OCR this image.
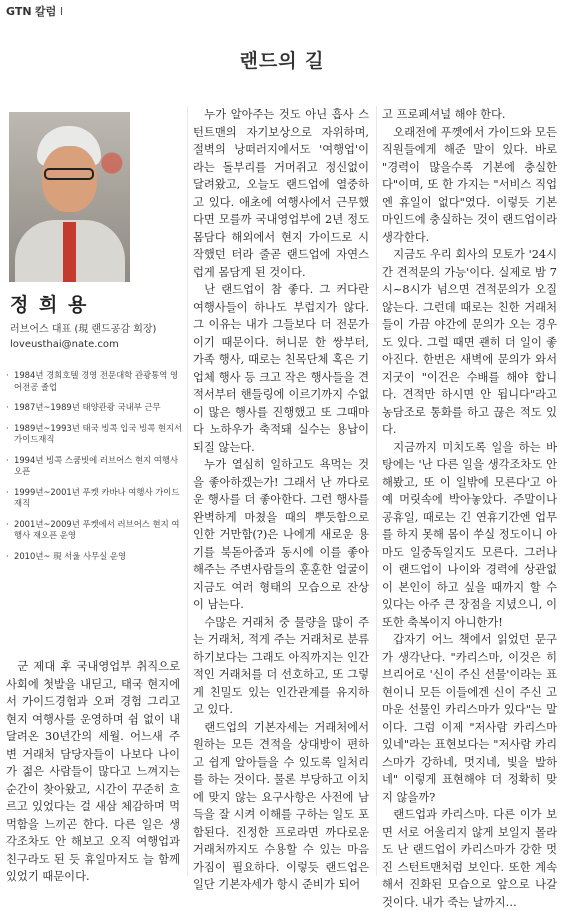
GTN 칼럼 I
랜드의 길
정 희 용
러브어스 대표 (現 랜드공감 회장)
loveusthai@nate.com
· 1984년 경희호텔 경영 전문대학 관광통역 영어전공 졸업
· 1987년~1989년 태양관광 국내부 근무
· 1989년~1993년 태국 빙콕 입국 빙콕 현지서 가이드재직
· 1994년 빙콕 스쿰빗에 러브어스 현지 여행사 오픈
· 1999년~2001년 푸켓 카바나 여행사 가이드 재직
· 2001년~2009년 푸켓에서 러브어스 현지 여행사 재오픈 운영
· 2010년~ 現 서울 사무실 운영

군 제대 후 국내영업부 취직으로 사회에 첫발을 내딛고, 태국 현지에서 가이드경험과 오퍼 경험 그리고 현지 여행사를 운영하며 쉼 없이 내달려온 30년간의 세월. 어느새 주변 거래처 담당자들이 나보다 나이가 젊은 사람들이 많다고 느껴지는 순간이 찾아왔고, 시간이 꾸준히 흐르고 있었다는 걸 새삼 체감하며 먹먹함을 느끼곤 한다. 다른 일은 생각조차도 안 해보고 오직 여행업과 친구라도 된 듯 휴일마저도 늘 함께 있었기 때문이다.

누가 알아주는 것도 아닌 흡사 스턴트맨의 자기보상으로 자위하며, 절벽의 낭떠러지에서도 '여행업'이라는 돌부리를 거머쥐고 정신없이 달려왔고, 오늘도 랜드업에 열중하고 있다. 애초에 여행사에서 근무했다면 모를까 국내영업부에 2년 정도 몸담다 해외에서 현지 가이드로 시작했던 터라 줄곧 랜드업에 자연스럽게 몸담게 된 것이다.

난 랜드업이 참 좋다. 그 커다란 여행사들이 하나도 부럽지가 않다. 그 이유는 내가 그들보다 더 전문가이기 때문이다. 허니문 한 쌍부터, 가족 행사, 때로는 친목단체 혹은 기업체 행사 등 크고 작은 행사들을 견적서부터 핸들링에 이르기까지 수없이 많은 행사를 진행했고 또 그때마다 노하우가 축적돼 실수는 용납이 되질 않는다.

누가 열심히 일하고도 욕먹는 것을 좋아하겠는가! 그래서 난 까다로운 행사를 더 좋아한다. 그런 행사를 완벽하게 마쳤을 때의 뿌듯함으로 인한 거만함(?)은 나에게 새로운 용기를 북돋아줌과 동시에 이를 좋아해주는 주변사람들의 훈훈한 얼굴이 지금도 여러 형태의 모습으로 잔상이 남는다.

수많은 거래처 중 물량을 많이 주는 거래처, 적게 주는 거래처로 분류하기보다는 그래도 아직까지는 인간적인 거래처를 더 선호하고, 또 그렇게 친밀도 있는 인간관계를 유지하고 있다.

랜드업의 기본자세는 거래처에서 원하는 모든 견적을 상대방이 편하고 쉽게 알아들을 수 있도록 일처리를 하는 것이다. 물론 부당하고 이치에 맞지 않는 요구사항은 사전에 남득을 잘 시켜 이해를 구하는 일도 포함된다. 진정한 프로라면 까다로운 거래처까지도 수용할 수 있는 마음가짐이 필요하다. 이렇듯 랜드업은 일단 기본자세가 항시 준비가 되어

고 프로페셔널 해야 한다.

오래전에 푸껫에서 가이드와 모든 직원들에게 해준 말이 있다. 바로 "경력이 많을수록 기본에 충실한다"이며, 또 한 가지는 "서비스 직업엔 휴일이 없다"였다. 이렇듯 기본 마인드에 충실하는 것이 랜드업이라 생각한다.

지금도 우리 회사의 모토가 '24시간 견적문의 가능'이다. 실제로 밤 7시~8시가 넘으면 견적문의가 오질 않는다. 그런데 때로는 친한 거래처들이 가끔 야간에 문의가 오는 경우도 있다. 그럴 때면 괜히 더 일이 좋아진다. 한번은 새벽에 문의가 와서 지굿이 "이건은 수배를 해야 합니다. 견적만 하시면 안 됩니다"라고 농담조로 통화를 하고 끊은 적도 있다.

지금까지 미치도록 일을 하는 바탕에는 '난 다른 일을 생각조차도 안 해봤고, 또 이 일밖에 모른다'고 아예 머릿속에 박아놓았다. 주말이나 공휴일, 때로는 긴 연휴기간엔 업무를 하지 못해 몸이 쑤실 정도이니 아마도 일중독일지도 모른다. 그러나 이 랜드업이 나이와 경력에 상관없이 본인이 하고 싶을 때까지 할 수 있다는 아주 큰 장점을 지녔으니, 이 또한 축복이지 아니한가!

갑자기 어느 책에서 읽었던 문구가 생각난다. "카리스마, 이것은 히브리어로 '신이 주신 선물'이라는 표현이니 모든 이들에겐 신이 주신 고마운 선물인 카리스마가 있다"는 말이다. 그럼 이제 "저사람 카리스마 있네"라는 표현보다는 "저사람 카리스마가 강하네, 멋지네, 빛을 발하네" 이렇게 표현해야 더 정확히 맞지 않을까?

랜드업과 카리스마. 다른 이가 보면 서로 어울리지 않게 보일지 몰라도 난 랜드업이 카리스마가 강한 멋진 스턴트맨처럼 보인다. 또한 계속해서 진화된 모습으로 앞으로 나갈 것이다. 내가 죽는 날까지…
